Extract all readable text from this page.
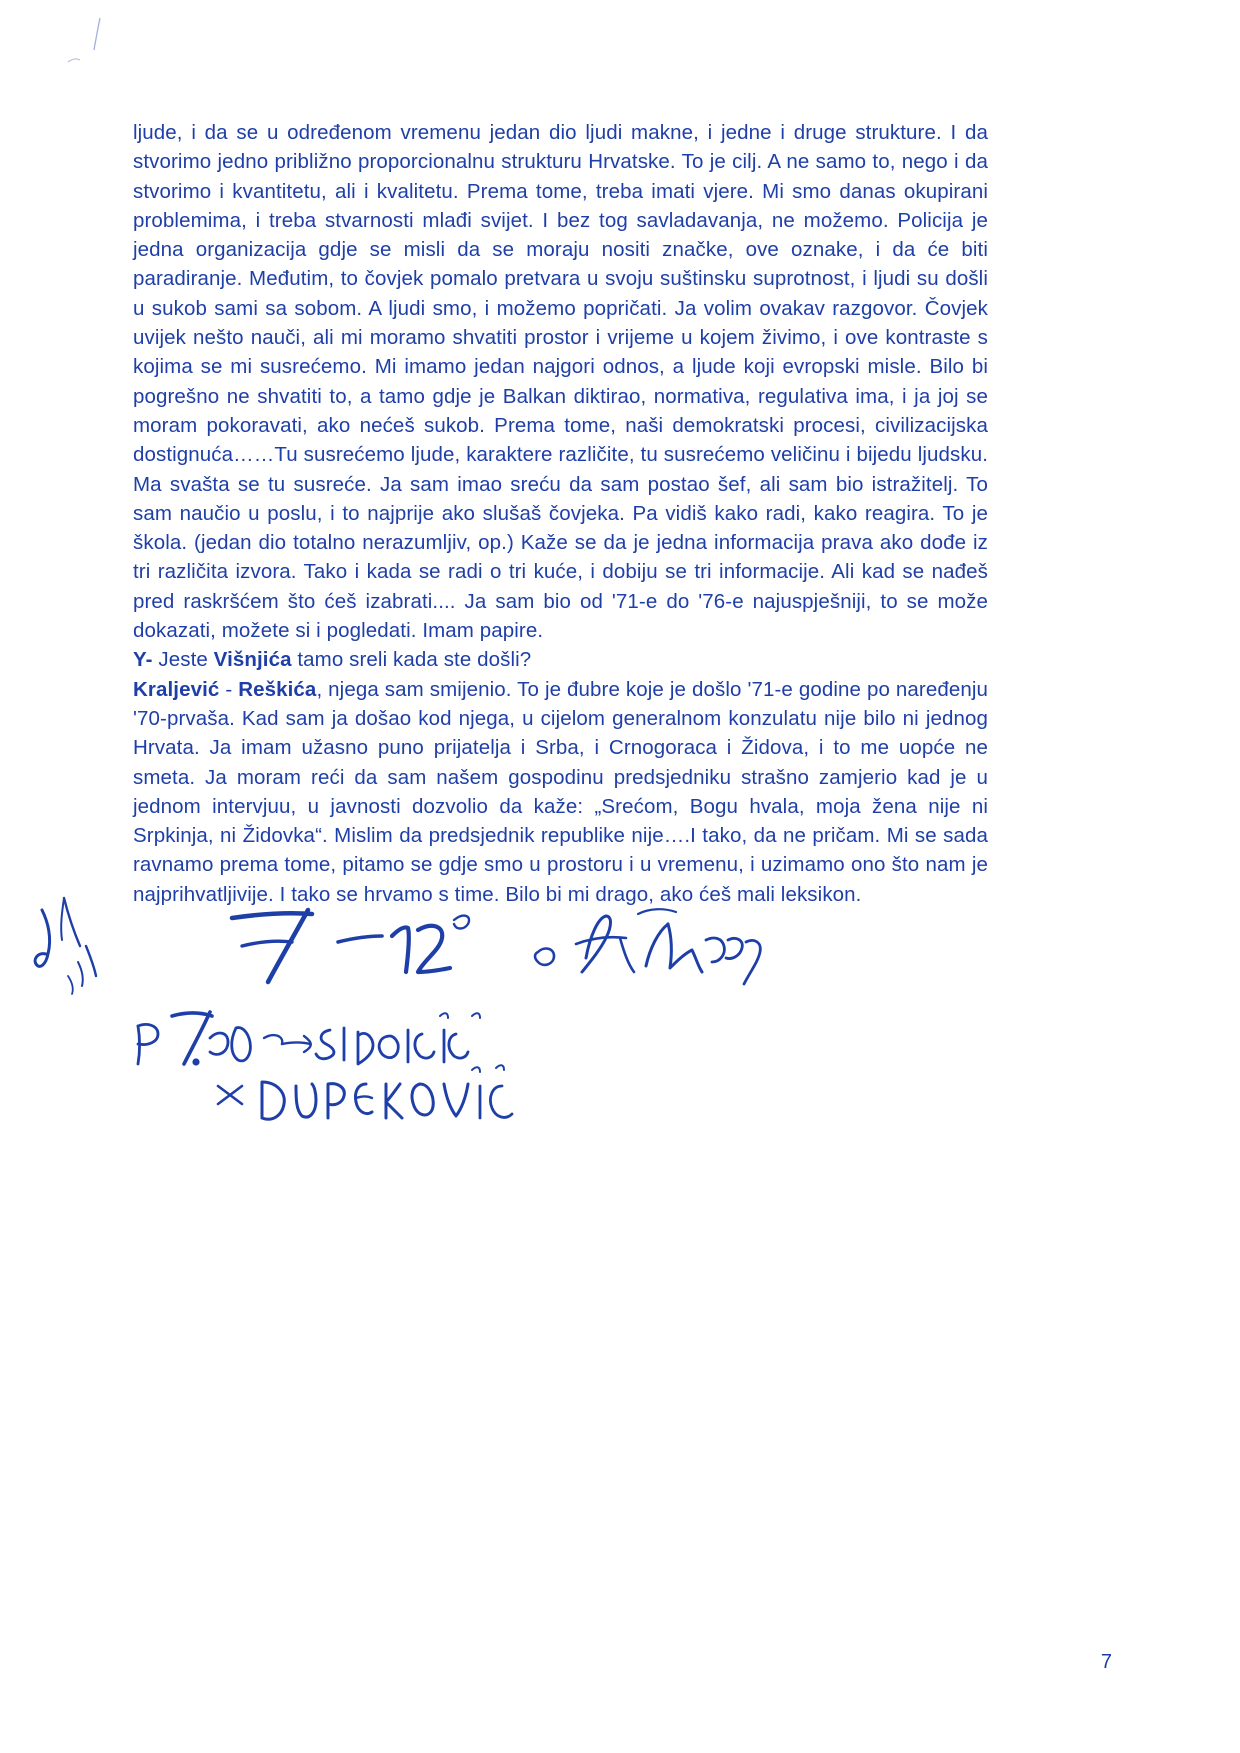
ljude, i da se u određenom vremenu jedan dio ljudi makne, i jedne i druge strukture. I da stvorimo jedno približno proporcionalnu strukturu Hrvatske. To je cilj. A ne samo to, nego i da stvorimo i kvantitetu, ali i kvalitetu. Prema tome, treba imati vjere. Mi smo danas okupirani problemima, i treba stvarnosti mlađi svijet. I bez tog savladavanja, ne možemo. Policija je jedna organizacija gdje se misli da se moraju nositi značke, ove oznake, i da će biti paradiranje. Međutim, to čovjek pomalo pretvara u svoju suštinsku suprotnost, i ljudi su došli u sukob sami sa sobom. A ljudi smo, i možemo popričati. Ja volim ovakav razgovor. Čovjek uvijek nešto nauči, ali mi moramo shvatiti prostor i vrijeme u kojem živimo, i ove kontraste s kojima se mi susrećemo. Mi imamo jedan najgori odnos, a ljude koji evropski misle. Bilo bi pogrešno ne shvatiti to, a tamo gdje je Balkan diktirao, normativa, regulativa ima, i ja joj se moram pokoravati, ako nećeš sukob. Prema tome, naši demokratski procesi, civilizacijska dostignuća……Tu susrećemo ljude, karaktere različite, tu susrećemo veličinu i bijedu ljudsku. Ma svašta se tu susreće. Ja sam imao sreću da sam postao šef, ali sam bio istražitelj. To sam naučio u poslu, i to najprije ako slušaš čovjeka. Pa vidiš kako radi, kako reagira. To je škola. (jedan dio totalno nerazumljiv, op.) Kaže se da je jedna informacija prava ako dođe iz tri različita izvora. Tako i kada se radi o tri kuće, i dobiju se tri informacije. Ali kad se nađeš pred raskršćem što ćeš izabrati.... Ja sam bio od '71-e do '76-e najuspješniji, to se može dokazati, možete si i pogledati. Imam papire.

Y- Jeste Višnjića tamo sreli kada ste došli?

Kraljević - Reškića, njega sam smijenio. To je đubre koje je došlo '71-e godine po naređenju '70-prvaša. Kad sam ja došao kod njega, u cijelom generalnom konzulatu nije bilo ni jednog Hrvata. Ja imam užasno puno prijatelja i Srba, i Crnogoraca i Židova, i to me uopće ne smeta. Ja moram reći da sam našem gospodinu predsjedniku strašno zamjerio kad je u jednom intervjuu, u javnosti dozvolio da kaže: „Srećom, Bogu hvala, moja žena nije ni Srpkinja, ni Židovka“. Mislim da predsjednik republike nije….I tako, da ne pričam. Mi se sada ravnamo prema tome, pitamo se gdje smo u prostoru i u vremenu, i uzimamo ono što nam je najprihvatljivije. I tako se hrvamo s time. Bilo bi mi drago, ako ćeš mali leksikon.

7
